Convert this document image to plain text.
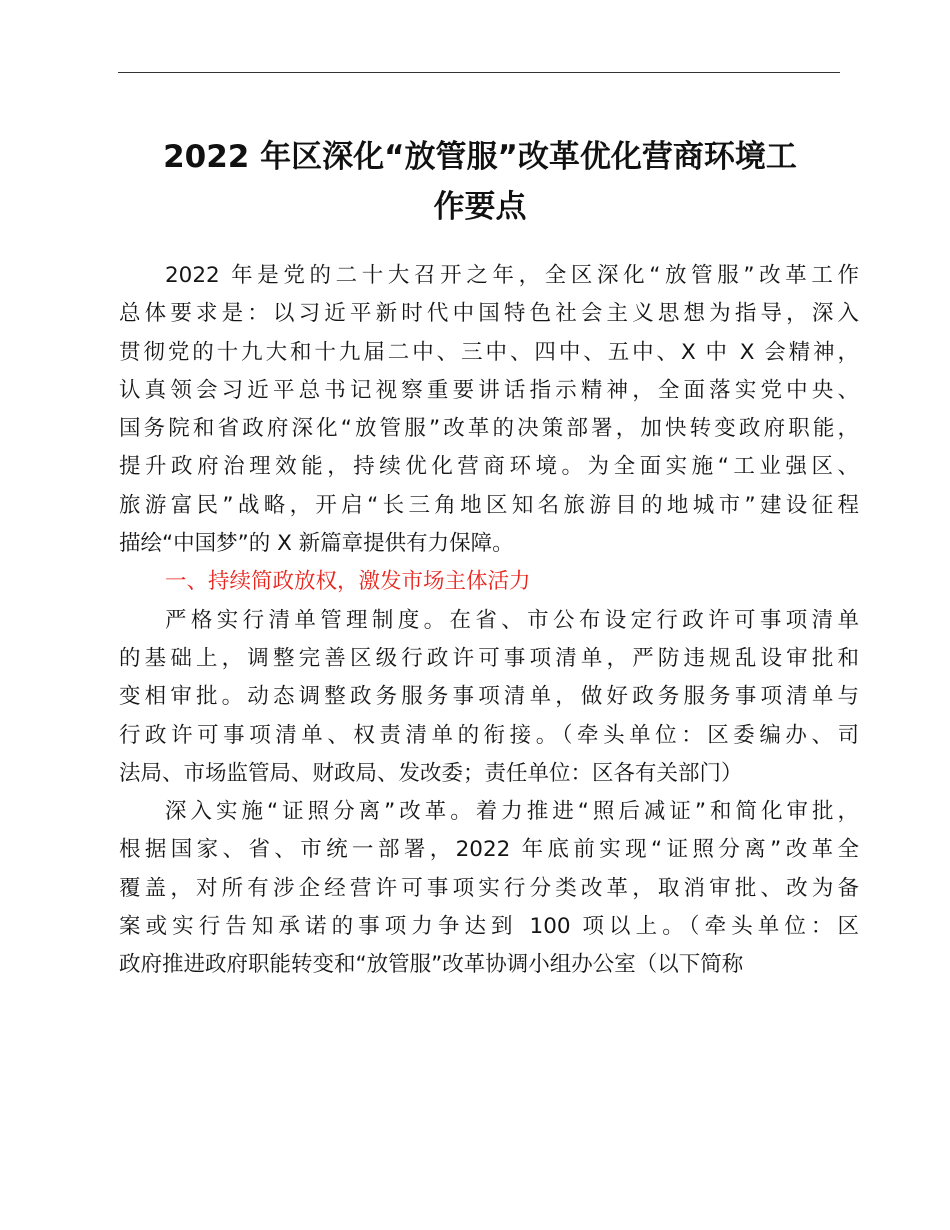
2022 年区深化“放管服”改革优化营商环境工
作要点
2022 年是党的二十大召开之年，全区深化“放管服”改革工作
总体要求是：以习近平新时代中国特色社会主义思想为指导，深入
贯彻党的十九大和十九届二中、三中、四中、五中、X 中 X 会精神，
认真领会习近平总书记视察重要讲话指示精神，全面落实党中央、
国务院和省政府深化“放管服”改革的决策部署，加快转变政府职能，
提升政府治理效能，持续优化营商环境。为全面实施“工业强区、
旅游富民”战略，开启“长三角地区知名旅游目的地城市”建设征程
描绘“中国梦”的 X 新篇章提供有力保障。
一、持续简政放权，激发市场主体活力
严格实行清单管理制度。在省、市公布设定行政许可事项清单
的基础上，调整完善区级行政许可事项清单，严防违规乱设审批和
变相审批。动态调整政务服务事项清单，做好政务服务事项清单与
行政许可事项清单、权责清单的衔接。（牵头单位：区委编办、司
法局、市场监管局、财政局、发改委；责任单位：区各有关部门）
深入实施“证照分离”改革。着力推进“照后减证”和简化审批，
根据国家、省、市统一部署，2022 年底前实现“证照分离”改革全
覆盖，对所有涉企经营许可事项实行分类改革，取消审批、改为备
案或实行告知承诺的事项力争达到 100 项以上。（牵头单位：区
政府推进政府职能转变和“放管服”改革协调小组办公室（以下简称
